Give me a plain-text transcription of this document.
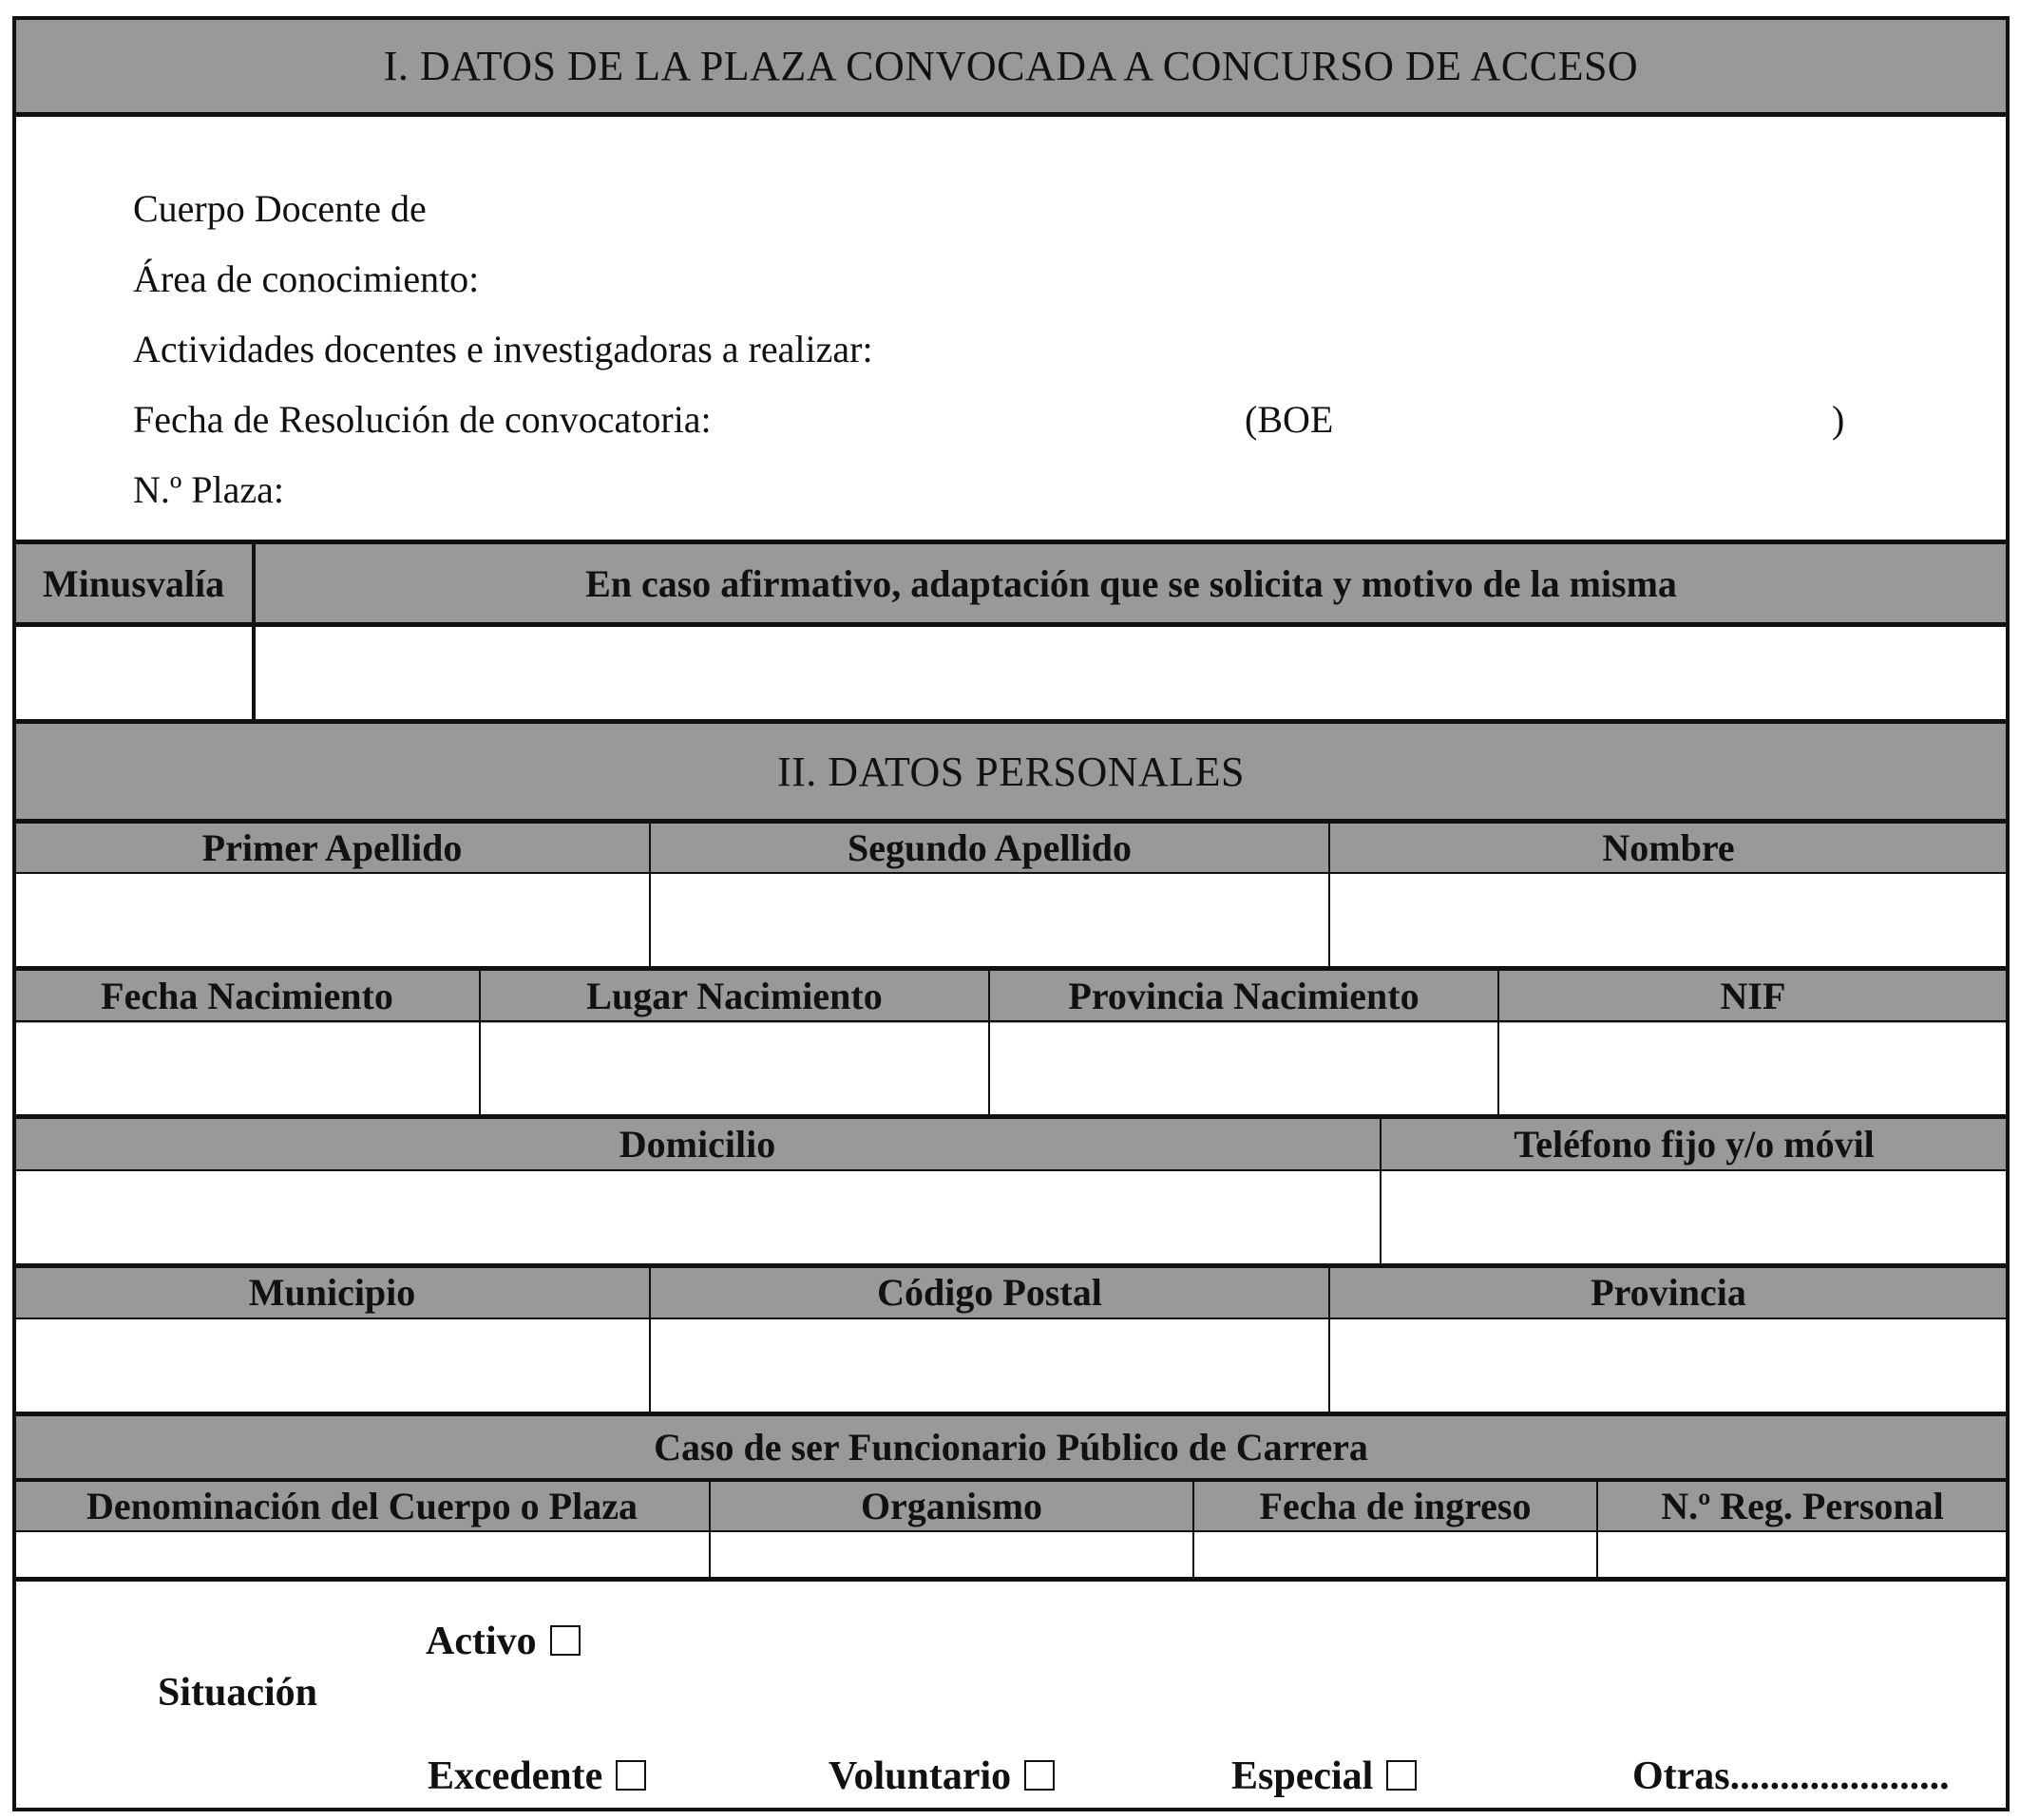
I. DATOS DE LA PLAZA CONVOCADA A CONCURSO DE ACCESO
Cuerpo Docente de
Área de conocimiento:
Actividades docentes e investigadoras a realizar:
Fecha de Resolución de convocatoria:	(BOE	)
N.º Plaza:
Minusvalía	En caso afirmativo, adaptación que se solicita y motivo de la misma
II. DATOS PERSONALES
Primer Apellido	Segundo Apellido	Nombre
Fecha Nacimiento	Lugar Nacimiento	Provincia Nacimiento	NIF
Domicilio	Teléfono fijo y/o móvil
Municipio	Código Postal	Provincia
Caso de ser Funcionario Público de Carrera
Denominación del Cuerpo o Plaza	Organismo	Fecha de ingreso	N.º Reg. Personal
Situación
Activo
Excedente	Voluntario	Especial	Otras......................
